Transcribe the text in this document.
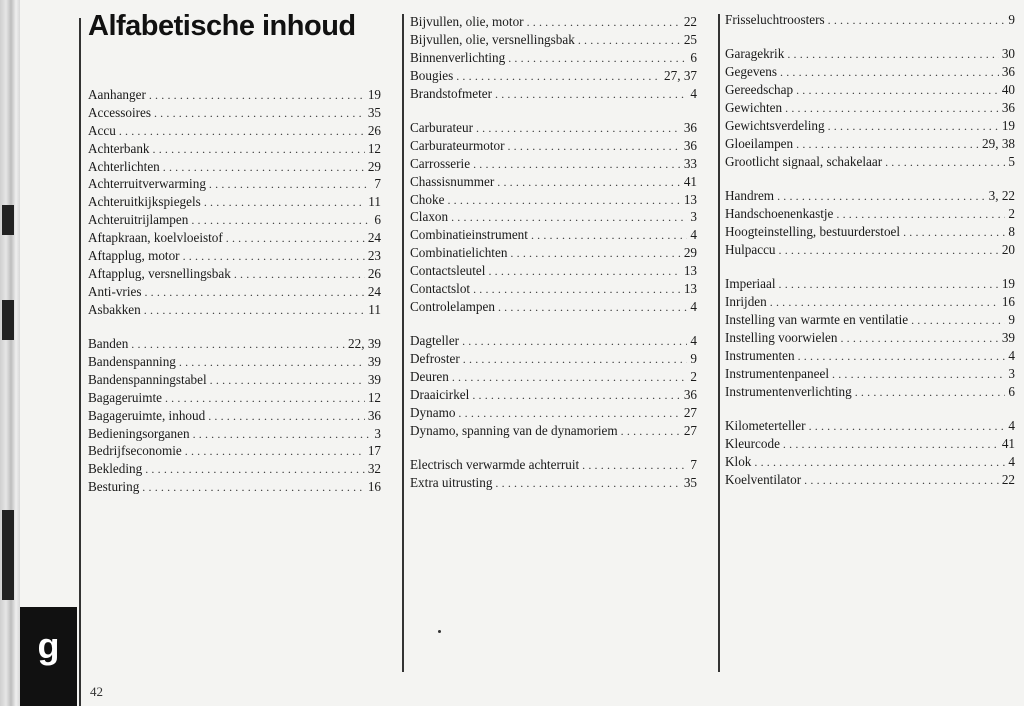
g
Alfabetische inhoud
Aanhanger .....	19
Accessoires .....	35
Accu .....	26
Achterbank .....	12
Achterlichten .....	29
Achterruitverwarming .....	7
Achteruitkijkspiegels .....	11
Achteruitrijlampen .....	6
Aftapkraan, koelvloeistof .....	24
Aftapplug, motor .....	23
Aftapplug, versnellingsbak .....	26
Anti-vries .....	24
Asbakken .....	11
Banden .....	22, 39
Bandenspanning .....	39
Bandenspanningstabel .....	39
Bagageruimte .....	12
Bagageruimte, inhoud .....	36
Bedieningsorganen .....	3
Bedrijfseconomie .....	17
Bekleding .....	32
Besturing .....	16
Bijvullen, olie, motor .....	22
Bijvullen, olie, versnellingsbak .....	25
Binnenverlichting .....	6
Bougies .....	27, 37
Brandstofmeter .....	4
Carburateur .....	36
Carburateurmotor .....	36
Carrosserie .....	33
Chassisnummer .....	41
Choke .....	13
Claxon .....	3
Combinatieinstrument .....	4
Combinatielichten .....	29
Contactsleutel .....	13
Contactslot .....	13
Controlelampen .....	4
Dagteller .....	4
Defroster .....	9
Deuren .....	2
Draaicirkel .....	36
Dynamo .....	27
Dynamo, spanning van de dynamoriem .....	27
Electrisch verwarmde achterruit .....	7
Extra uitrusting .....	35
Frisseluchtroosters .....	9
Garagekrik .....	30
Gegevens .....	36
Gereedschap .....	40
Gewichten .....	36
Gewichtsverdeling .....	19
Gloeilampen .....	29, 38
Grootlicht signaal, schakelaar .....	5
Handrem .....	3, 22
Handschoenenkastje .....	2
Hoogteinstelling, bestuurderstoel .....	8
Hulpaccu .....	20
Imperiaal .....	19
Inrijden .....	16
Instelling van warmte en ventilatie .....	9
Instelling voorwielen .....	39
Instrumenten .....	4
Instrumentenpaneel .....	3
Instrumentenverlichting .....	6
Kilometerteller .....	4
Kleurcode .....	41
Klok .....	4
Koelventilator .....	22
42
